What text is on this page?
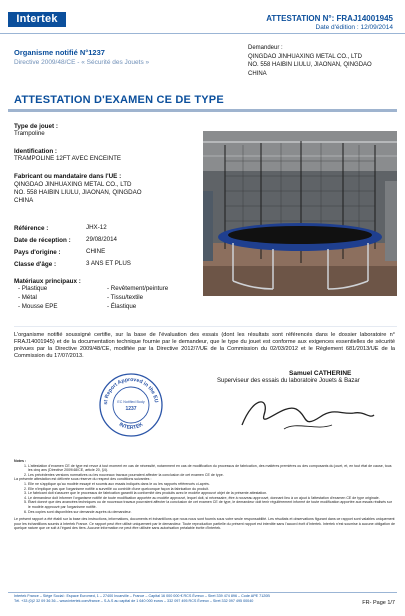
Intertek	ATTESTATION N°: FRAJ14001945
Date d'édition : 12/09/2014
Organisme notifié N°1237
Directive 2009/48/CE - « Sécurité des Jouets »
Demandeur :
QINGDAO JINHUAXING METAL CO., LTD
NO. 558 HAIBIN LIULU, JIAONAN, QINGDAO
CHINA
ATTESTATION D'EXAMEN CE DE TYPE
Type de jouet :
Trampoline
Identification :
TRAMPOLINE 12FT AVEC ENCEINTE
Fabricant ou mandataire dans l'UE :
QINGDAO JINHUAXING METAL CO., LTD
NO. 558 HAIBIN LIULU, JIAONAN, QINGDAO
CHINA
Référence :	JHX-12
Date de réception : 29/08/2014
Pays d'origine :	CHINE
Classe d'âge :	3 ANS ET PLUS
Matériaux principaux :
- Plastique
- Métal
- Mousse EPE
- Revêtement/peinture
- Tissu/textile
- Élastique
L'organisme notifié soussigné certifie, sur la base de l'évaluation des essais (dont les résultats sont référencés dans le dossier laboratoire n° FRAJ14001945) et de la documentation technique fournie par le demandeur, que le type du jouet est conforme aux exigences essentielles de sécurité prévues par la Directive 2009/48/CE, modifiée par la Directive 2012/7/UE de la Commission du 02/03/2012 et le Règlement 681/2013/UE de la Commission du 17/07/2013.
st Report Approved in the EU
EC Notified Body
1237
INTERTEK
Samuel CATHERINE
Superviseur des essais du laboratoire Jouets & Bazar
Notes :
1. L'attestation d'examen CE de type est revue à tout moment en cas de nécessité, notamment en cas de modification du processus de fabrication, des matières premières ou des composants du jouet, et, en tout état de cause, tous les cinq ans (Directive 2009/48/CE, article 20, §4).
2. Les précédentes versions normatives ou les nouveaux travaux pourraient affecter la conclusion de cet examen CE de type.
La présente attestation est délivrée sous réserve du respect des conditions suivantes :
1. Elle ne s'applique qu'au modèle essayé et soumis aux essais indiqués dans le ou les rapports référencés ci-après.
2. Elle n'implique pas que l'organisme notifié a surveillé ou contrôlé d'une quelconque façon la fabrication du produit.
3. Le fabricant doit s'assurer que le processus de fabrication garantit la conformité des produits avec le modèle approuvé objet de la présente attestation.
4. Le demandeur doit informer l'organisme notifié de toute modification apportée au modèle approuvé, lequel doit, si nécessaire, être à nouveau approuvé, donnant lieu à un ajout à l'attestation d'examen CE de type originale.
5. Étant donné que des avancées techniques ou de nouveaux travaux pourraient affecter la conclusion de cet examen CE de type, le demandeur doit tenir régulièrement informé de toute modification apportée aux essais réalisés sur le modèle approuvé par l'organisme notifié.
6. Des copies sont disponibles sur demande auprès du demandeur.
Le présent rapport a été établi sur la base des instructions, informations, documents et échantillons que nous nous sont fournis sous votre seule responsabilité. Les résultats et observations figurant dans ce rapport sont valables uniquement pour les échantillons soumis à Intertek France. Ce rapport peut être utilisé uniquement par le demandeur. Toute reproduction partielle du présent rapport est interdite sans l'accord écrit d'Intertek. Intertek n'est soumise à aucune obligation de quelque nature que ce soit à l'égard des tiers. Aucune information ne peut être utilisée sans autorisation préalable écrite d'Intertek.
Intertek France – Siège Social : Espace Euromed, 1 – 27400 Incarville – France – Capital 16 000 000 € RCS Évreux – Siret 339 474 896 – Code APE 7120B
Tél. +33 (0)2 32 09 36 36 – www.intertek.com/france – S.A.S au capital de 1 640 000 euros – 332 097 495 RCS Évreux – Siret 332 097 495 00040	FR- Page 1/7
